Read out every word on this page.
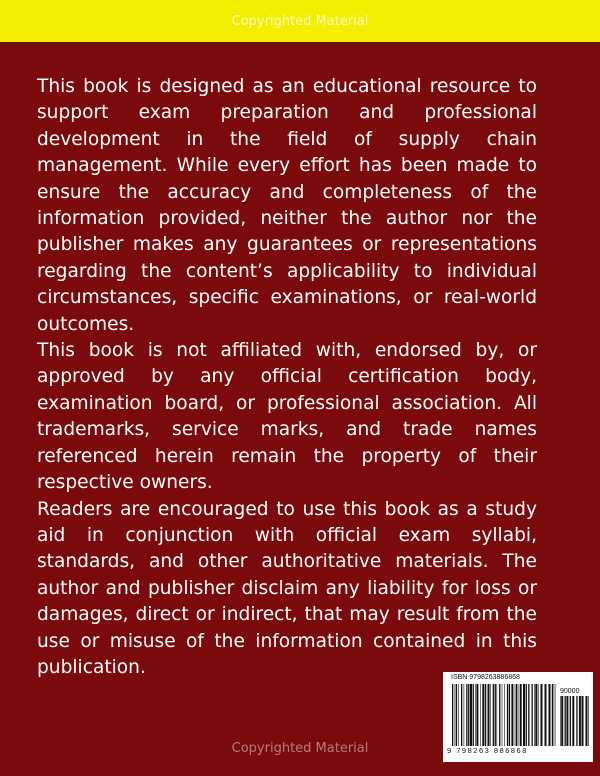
Copyrighted Material

This book is designed as an educational resource to support exam preparation and professional development in the field of supply chain management. While every effort has been made to ensure the accuracy and completeness of the information provided, neither the author nor the publisher makes any guarantees or representations regarding the content’s applicability to individual circumstances, specific examinations, or real-world outcomes.

This book is not affiliated with, endorsed by, or approved by any official certification body, examination board, or professional association. All trademarks, service marks, and trade names referenced herein remain the property of their respective owners.

Readers are encouraged to use this book as a study aid in conjunction with official exam syllabi, standards, and other authoritative materials. The author and publisher disclaim any liability for loss or damages, direct or indirect, that may result from the use or misuse of the information contained in this publication.	ISBN 9798263886868
90000
9 798263 886868
Copyrighted Material
